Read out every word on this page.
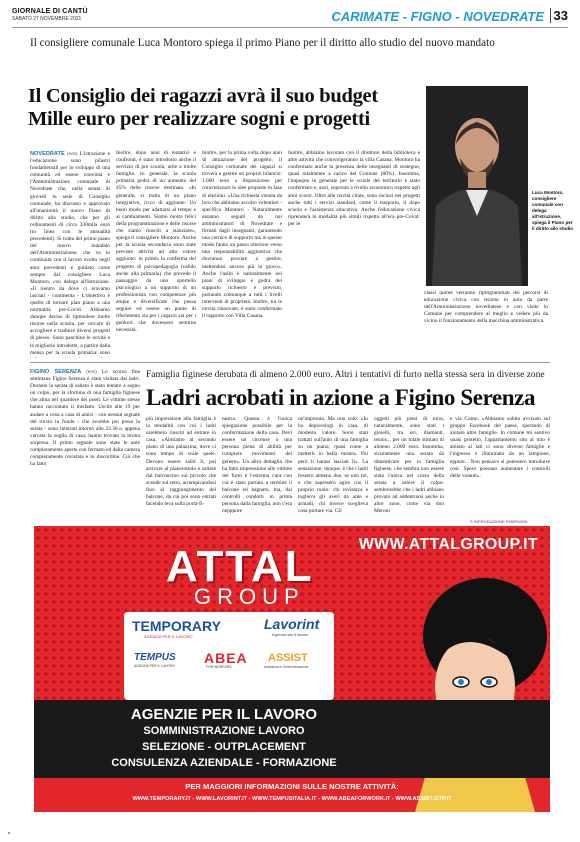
GIORNALE DI CANTÙ
SABATO 27 NOVEMBRE 2021	CARIMATE - FIGNO - NOVEDRATE 33
Il consigliere comunale Luca Montoro spiega il primo Piano per il diritto allo studio del nuovo mandato
Il Consiglio dei ragazzi avrà il suo budget
Mille euro per realizzare sogni e progetti
Luca Montoro, consigliere comunale con delega all'Istruzione, spiega il Piano per il diritto allo studio
NOVEDRATE (ees) L'istruzione e l'educazione sono pilastri fondamentali per lo sviluppo di una comunità ed essere convinta è l'Amministrazione comunale di Novedrate che, nella serata di giovedì in sede di Consiglio comunale, ha discusso e approvato all'unanimità il nuovo Piano di diritto allo studio, che per gli ordinamenti di circa 330mila euro (in linea con le annualità precedenti). Si tratta del primo piano del nuovo mandato dell'Amministrazione, che va in continuità con il lavoro svolto negli anni precedenti e guidato come sempre dal consigliere Luca Montoro, con delega all'Istruzione. «Il rientro da dove ci eravamo lasciati - commenta - L'obiettivo è quello di tornare pian piano a una normalità pre-Covid. Abbiamo dunque deciso di riprendere molte risorse nella scuola, per cercare di accogliere e tradurre diversi progetti di plesso. Sono panchine le novità e le migliorie introdotte, a partire dalla mensa per la scuola primaria: sono
Inoltre, dopo anni di tentativi e confronti, è stato introdotto anche il servizio di pre scuola, utile a molte famiglie. In generale, la scuola primaria godrà di un aumento del 45% delle risorse destinate. «In generale, si tratta di un piano integrativo, ricco di aggiunte. Un buon modo per adattarsi al tempo e ai cambiamenti. Siamo molto felici della programmazione e delle risorse che siamo riusciti a stanziare», spiega il consigliere Montoro. Anche per la scuola secondaria sono state previste attività ad alto valore aggiunto: in primis la conferma del progetto di psicopedagogia (valido anche alla primaria) che prevede il passaggio da uno sportello psicologico a un supporto di un professionista con competenze più ampie e diversificate che possa seguire ed essere un punto di riferimento sia per i ragazzi sia per i genitori che dovessero sentirne necessità.
Inoltre, per la prima volta dopo anni di attuazione del progetto, il Consiglio comunale dei ragazzi si troverà a gestire un proprio bilancio: 1.000 euro a disposizione per concretizzare le idee proposte in fase di elezioni. «Una richiesta venuta da loro che abbiamo accolto volentieri - specifica Montoro - Naturalmente saranno seguiti da noi amministratori di Novedrate e firmati dagli insegnanti, garantendo una cornice di supporto ma in questo modo fanno un passo ulteriore verso una responsabilità aggiuntiva che dovranno provare a gestire, mettendosi ancora più in gioco». Anche l'asilo è naturalmente nei piani di sviluppo e godrà del supporto richiesto e previsto, portando comunque a tutti i livelli interventi di proprietà. Inoltre, tra le novità rinnovate, è stato confermato il rapporto con Villa Casana.
Inoltre, abbiamo lavorato con il direttore della biblioteca e altre attività che coinvolgeranno la villa Casana. Montoro ha confermato anche la presenza delle insegnanti di sostegno, quasi totalmente a carico del Comune (80%). Insomma, l'impegno in generale per le scuole del territorio è stato confermato e, anzi, superato a livello economico rispetto agli anni scorsi. Oltre alle novità citate, sono inclusi nei progetti anche tutti i servizi standard, come il trasporto, il dopo scuola e l'assistenza educativa. Anche l'educazione civica riprenderà in modalità più simili rispetto all'era pre-Covid: per le
classi quinte verranno riprogrammati dei percorsi di educazione civica con lezioni in aula da parte dell'Amministrazione novedratese e con visite in Comune per comprendere al meglio e vedere più da vicino il funzionamento della macchina amministrativa.
Famiglia figinese derubata di almeno 2.000 euro. Altri i tentativi di furto nella stessa sera in diverse zone
Ladri acrobati in azione a Figino Serenza
FIGINO SERENZA (ees) Lo scorso fine settimana Figino Serenza è stata visitata dai ladri. Durante la serata di sabato è stato tentato a segno un colpo, per la sfortuna di una famiglia figinese che abita nel quartiere dei poeti. Le vittime stesse hanno raccontato il misfatto. Uscite alle 19 per andare a cena a casa di amici - con nessun segnale del rinvio in fondo - che avrebbe poi preso la serata - sono rientrati intorno alle 22.30 e, appena varcata la soglia di casa, hanno trovato la brutta sorpresa. Il primo segnale sono state le ante completamente aperte con fermato ed dalla camera completamente rovistata e in discordine. Ciò che ha fatto
più impressione alla famiglia è la modalità con cui i ladri sarebbero riusciti ad entrare in casa. «Abitiamo al secondo piano di una palazzina, dove ci sono tempo di scale quete. Devono essere saliti lì, poi arrivare al pianerottolo e saltare dal balconcino sul piccolo che scende sul retro, arrampicandosi fino al raggiungimento del balcone, da cui poi sono entrati facendo leva sulla porta-fi-
nestra. Questa è l'unica spiegazione possibile per la conformazione della casa. Devi essere un circense o una persona piena di abilità per compiere movimenti del genere». Un altro dettaglio che ha fatto impressione alle vittime del furto è l'estrema cura con cui è stato portato a termine il balcone ed bagnato, ma, dai controlli condotti in prima persona dalla famiglia, non c'era nepppure
un'impronta. Ma non solo: «Io ho depiorologi in casa, di modesto valore. Sono stati trattati sull'auto di una famiglia su un piano, quasi come a metterli in bella mostra. Poi però li hanno lasciati lì». La sensazione, dunque, è che i ladri fossero almeno due, se non tre, e che sapessero agire con il proprio ruolo: chi rovistava e toglieva gli averi da ante e armadi, chi invece sceglieva cosa portare via. Gli
oggetti più presi di mira, naturalmente, sono stati i gioielli, tra ori, diamanti, tennis... per un totale stimato di almeno 2.000 euro. Insomma, sicuramente una serata da dimenticare per la famiglia figinese, che sembra non essere stata l'unica nel corso della serata a subire il colpo: sembrerebbe che i ladri abbiano provato ad addentrarsi anche in altre zone, come via don Meroni
e via Como. «Abbiamo subito avvisato sul gruppo Facebook del paese, sperando di aiutare altre famiglie. In comune mi sentivo quasi protetto, l'appartamento sito al mio è abitato ai lati ci sono diverse famiglie e l'ingresso è illuminato da un lampione, eppure... Non pensavo si potessero introdurre così. Spero possano aumentare i controlli delle volanti».
© RIPRODUZIONE RISERVATA
WWW.ATTALGROUP.IT
ATTAL
GROUP
TEMPORARY
AGENZIA PER IL LAVORO
Lavorint
Agenzia per il lavoro
TEMPUS
AGENZIA PER IL LAVORO ABEA
FOR WORKERS
ASSIST
Assistenza e Somministrazione
AGENZIE PER IL LAVORO
SOMMINISTRAZIONE LAVORO
SELEZIONE - OUTPLACEMENT
CONSULENZA AZIENDALE - FORMAZIONE
PER MAGGIORI INFORMAZIONI SULLE NOSTRE ATTIVITÀ:
WWW.TEMPORARY.IT - WWW.LAVORINT.IT - WWW.TEMPUSITALIA.IT - WWW.ABEAFORWORK.IT - WWW.ASSIST-OTP.IT
